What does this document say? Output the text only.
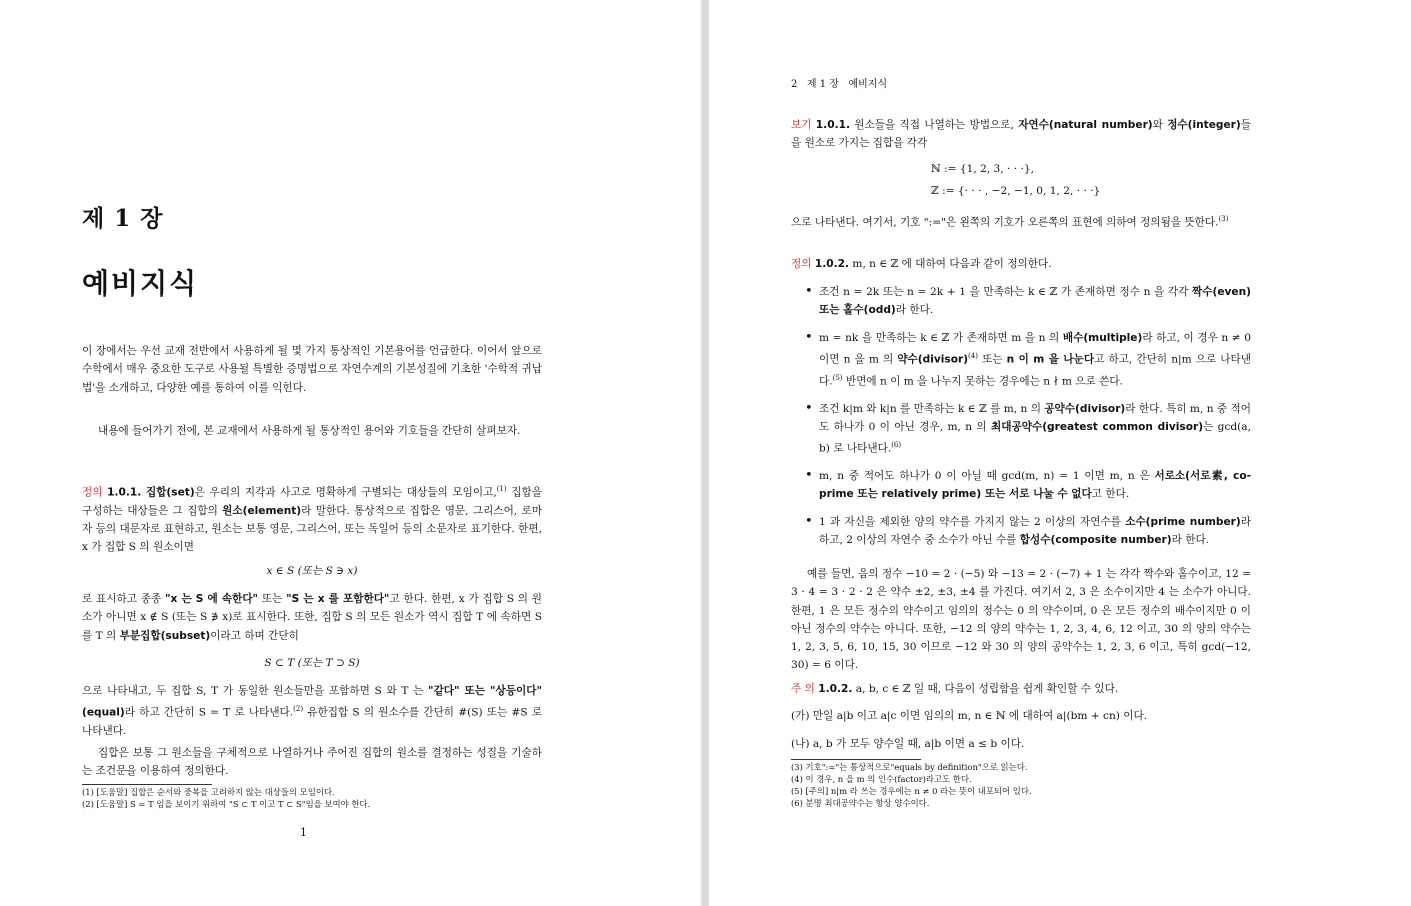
제 1 장
예비지식
이 장에서는 우선 교재 전반에서 사용하게 될 몇 가지 통상적인 기본용어를 언급한다. 이어서 앞으로 수학에서 매우 중요한 도구로 사용될 특별한 증명법으로 자연수계의 기본성질에 기초한 '수학적 귀납법'을 소개하고, 다양한 예를 통하여 이를 익힌다.
내용에 들어가기 전에, 본 교재에서 사용하게 될 통상적인 용어와 기호들을 간단히 살펴보자.
정의 1.0.1. 집합(set)은 우리의 지각과 사고로 명확하게 구별되는 대상들의 모임이고,$^{(1)}$ 집합을 구성하는 대상들은 그 집합의 원소(element)라 말한다. 통상적으로 집합은 영문, 그리스어, 로마자 등의 대문자로 표현하고, 원소는 보통 영문, 그리스어, 또는 독일어 등의 소문자로 표기한다. 한편, x 가 집합 S 의 원소이면
x ∈ S (또는 S ∋ x)
로 표시하고 종종 "x 는 S 에 속한다" 또는 "S 는 x 를 포함한다"고 한다. 한편, x 가 집합 S 의 원소가 아니면 x ∉ S (또는 S ∌ x)로 표시한다. 또한, 집합 S 의 모든 원소가 역시 집합 T 에 속하면 S 를 T 의 부분집합(subset)이라고 하며 간단히
S ⊂ T (또는 T ⊃ S)
으로 나타내고, 두 집합 S, T 가 동일한 원소들만을 포함하면 S 와 T 는 "같다" 또는 "상등이다"(equal)라 하고 간단히 S = T 로 나타낸다.$^{(2)}$ 유한집합 S 의 원소수를 간단히 #(S) 또는 #S 로 나타낸다.
집합은 보통 그 원소들을 구체적으로 나열하거나 주어진 집합의 원소를 결정하는 성질을 기술하는 조건문을 이용하여 정의한다.
(1) [도움말] 집합은 순서와 중복을 고려하지 않는 대상들의 모임이다.
(2) [도움말] S = T 임을 보이기 위하여 "S ⊂ T 이고 T ⊂ S"임을 보여야 한다.
1
2   제 1 장   예비지식
보기 1.0.1. 원소들을 직접 나열하는 방법으로, 자연수(natural number)와 정수(integer)들을 원소로 가지는 집합을 각각
ℕ := {1, 2, 3, · · ·},
ℤ := {· · · , −2, −1, 0, 1, 2, · · ·}
으로 나타낸다. 여기서, 기호 ":="은 왼쪽의 기호가 오른쪽의 표현에 의하여 정의됨을 뜻한다.$^{(3)}$
정의 1.0.2. m, n ∈ ℤ 에 대하여 다음과 같이 정의한다.
• 조건 n = 2k 또는 n = 2k + 1 을 만족하는 k ∈ ℤ 가 존재하면 정수 n 을 각각 짝수(even) 또는 홀수(odd)라 한다.
• m = nk 을 만족하는 k ∈ ℤ 가 존재하면 m 을 n 의 배수(multiple)라 하고, 이 경우 n ≠ 0 이면 n 을 m 의 약수(divisor)$^{(4)}$ 또는 n 이 m 을 나눈다고 하고, 간단히 n|m 으로 나타낸다.$^{(5)}$ 반면에 n 이 m 을 나누지 못하는 경우에는 n ∤ m 으로 쓴다.
• 조건 k|m 와 k|n 를 만족하는 k ∈ ℤ 를 m, n 의 공약수(divisor)라 한다. 특히 m, n 중 적어도 하나가 0 이 아닌 경우, m, n 의 최대공약수(greatest common divisor)는 gcd(a, b) 로 나타낸다.$^{(6)}$
• m, n 중 적어도 하나가 0 이 아닐 때 gcd(m, n) = 1 이면 m, n 은 서로소(서로素, co-prime 또는 relatively prime) 또는 서로 나눌 수 없다고 한다.
• 1 과 자신을 제외한 양의 약수를 가지지 않는 2 이상의 자연수를 소수(prime number)라 하고, 2 이상의 자연수 중 소수가 아닌 수를 합성수(composite number)라 한다.
예를 들면, 음의 정수 −10 = 2 · (−5) 와 −13 = 2 · (−7) + 1 는 각각 짝수와 홀수이고, 12 = 3 · 4 = 3 · 2 · 2 은 약수 ±2, ±3, ±4 를 가진다. 여기서 2, 3 은 소수이지만 4 는 소수가 아니다. 한편, 1 은 모든 정수의 약수이고 임의의 정수는 0 의 약수이며, 0 은 모든 정수의 배수이지만 0 이 아닌 정수의 약수는 아니다. 또한, −12 의 양의 약수는 1, 2, 3, 4, 6, 12 이고, 30 의 양의 약수는 1, 2, 3, 5, 6, 10, 15, 30 이므로 −12 와 30 의 양의 공약수는 1, 2, 3, 6 이고, 특히 gcd(−12, 30) = 6 이다.
주 의 1.0.2. a, b, c ∈ ℤ 일 때, 다음이 성립함을 쉽게 확인할 수 있다.
(가) 만일 a|b 이고 a|c 이면 임의의 m, n ∈ ℕ 에 대하여 a|(bm + cn) 이다.
(나) a, b 가 모두 양수일 때, a|b 이면 a ≤ b 이다.
(3) 기호":="는 통상적으로"equals by definition"으로 읽는다.
(4) 이 경우, n 을 m 의 인수(factor)라고도 한다.
(5) [주의] n|m 라 쓰는 경우에는 n ≠ 0 라는 뜻이 내포되어 있다.
(6) 분명 최대공약수는 항상 양수이다.
